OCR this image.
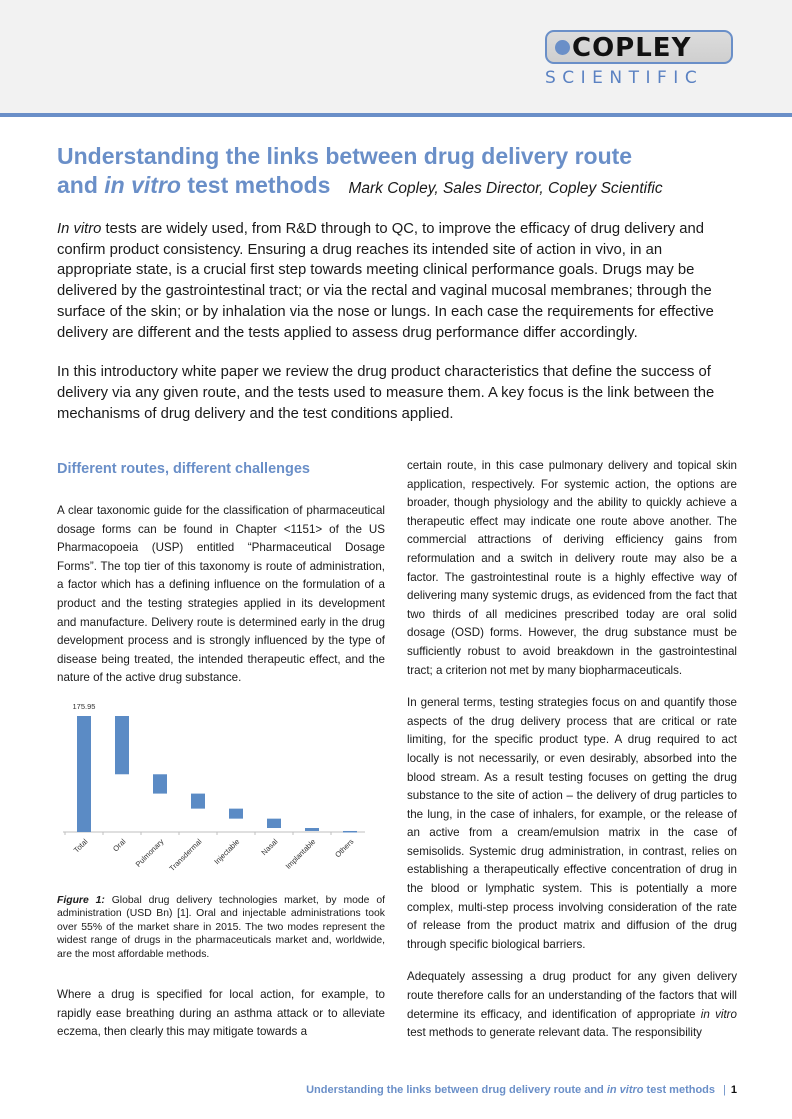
COPLEY
SCIENTIFIC
Understanding the links between drug delivery route
and in vitro test methods Mark Copley, Sales Director, Copley Scientific

In vitro tests are widely used, from R&D through to QC, to improve the efficacy of drug delivery and confirm product consistency. Ensuring a drug reaches its intended site of action in vivo, in an appropriate state, is a crucial first step towards meeting clinical performance goals. Drugs may be delivered by the gastrointestinal tract; or via the rectal and vaginal mucosal membranes; through the surface of the skin; or by inhalation via the nose or lungs. In each case the requirements for effective delivery are different and the tests applied to assess drug performance differ accordingly.

In this introductory white paper we review the drug product characteristics that define the success of delivery via any given route, and the tests used to measure them. A key focus is the link between the mechanisms of drug delivery and the test conditions applied.

Different routes, different challenges

A clear taxonomic guide for the classification of pharmaceutical dosage forms can be found in Chapter <1151> of the US Pharmacopoeia (USP) entitled “Pharmaceutical Dosage Forms”. The top tier of this taxonomy is route of administration, a factor which has a defining influence on the formulation of a product and the testing strategies applied in its development and manufacture. Delivery route is determined early in the drug development process and is strongly influenced by the type of disease being treated, the intended therapeutic effect, and the nature of the active drug substance.

Total	Oral Pulmonary Transdermal Injectable Nasal Implantable Others
175.95
Figure 1: Global drug delivery technologies market, by mode of administration (USD Bn) [1]. Oral and injectable administrations took over 55% of the market share in 2015. The two modes represent the widest range of drugs in the pharmaceuticals market and, worldwide, are the most affordable methods.

Where a drug is specified for local action, for example, to rapidly ease breathing during an asthma attack or to alleviate eczema, then clearly this may mitigate towards a

certain route, in this case pulmonary delivery and topical skin application, respectively. For systemic action, the options are broader, though physiology and the ability to quickly achieve a therapeutic effect may indicate one route above another. The commercial attractions of deriving efficiency gains from reformulation and a switch in delivery route may also be a factor. The gastrointestinal route is a highly effective way of delivering many systemic drugs, as evidenced from the fact that two thirds of all medicines prescribed today are oral solid dosage (OSD) forms. However, the drug substance must be sufficiently robust to avoid breakdown in the gastrointestinal tract; a criterion not met by many biopharmaceuticals.

In general terms, testing strategies focus on and quantify those aspects of the drug delivery process that are critical or rate limiting, for the specific product type. A drug required to act locally is not necessarily, or even desirably, absorbed into the blood stream. As a result testing focuses on getting the drug substance to the site of action – the delivery of drug particles to the lung, in the case of inhalers, for example, or the release of an active from a cream/emulsion matrix in the case of semisolids. Systemic drug administration, in contrast, relies on establishing a therapeutically effective concentration of drug in the blood or lymphatic system. This is potentially a more complex, multi-step process involving consideration of the rate of release from the product matrix and diffusion of the drug through specific biological barriers.

Adequately assessing a drug product for any given delivery route therefore calls for an understanding of the factors that will determine its efficacy, and identification of appropriate in vitro test methods to generate relevant data. The responsibility

Understanding the links between drug delivery route and in vitro test methods | 1
